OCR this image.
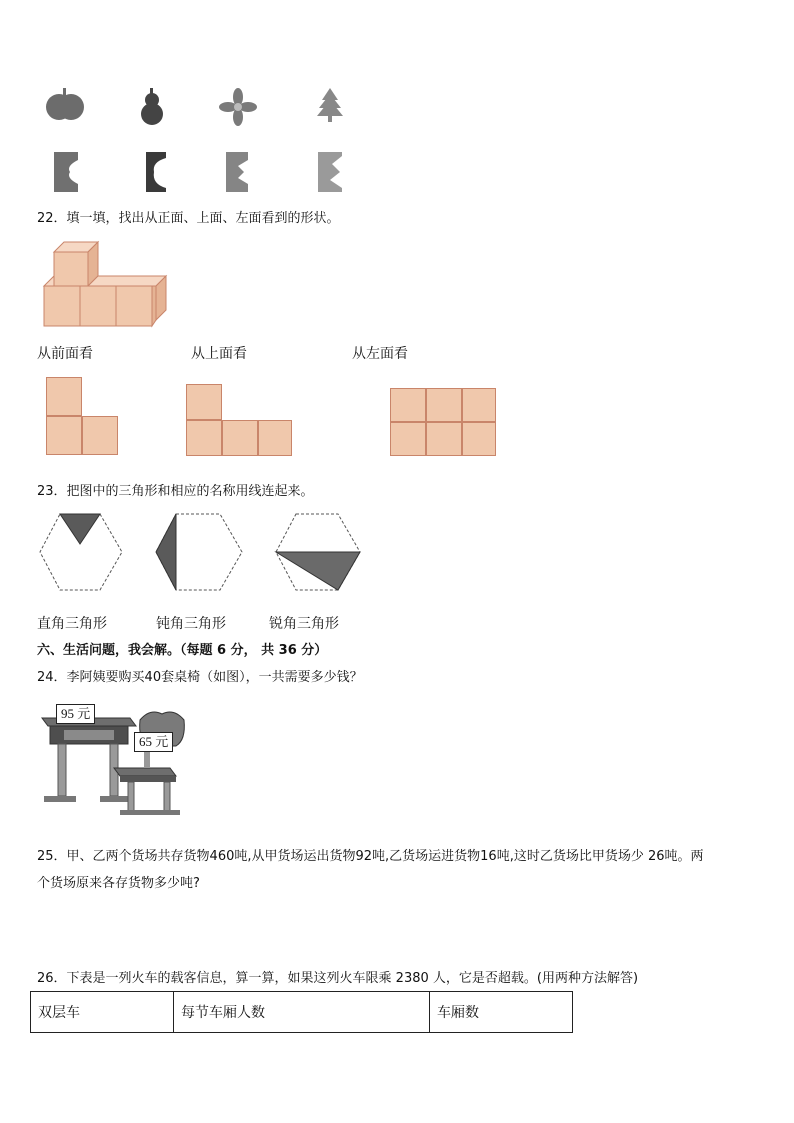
22．填一填，找出从正面、上面、左面看到的形状。
从前面看	从上面看	从左面看
23．把图中的三角形和相应的名称用线连起来。
直角三角形	钝角三角形	锐角三角形
六、生活问题，我会解。（每题 6 分， 共 36 分）
24．李阿姨要购买40套桌椅（如图），一共需要多少钱？
95 元
65 元
25．甲、乙两个货场共存货物460吨,从甲货场运出货物92吨,乙货场运进货物16吨,这时乙货场比甲货场少 26吨。两
个货场原来各存货物多少吨?
26．下表是一列火车的载客信息，算一算，如果这列火车限乘 2380 人，它是否超载。(用两种方法解答)
双层车	每节车厢人数	车厢数
